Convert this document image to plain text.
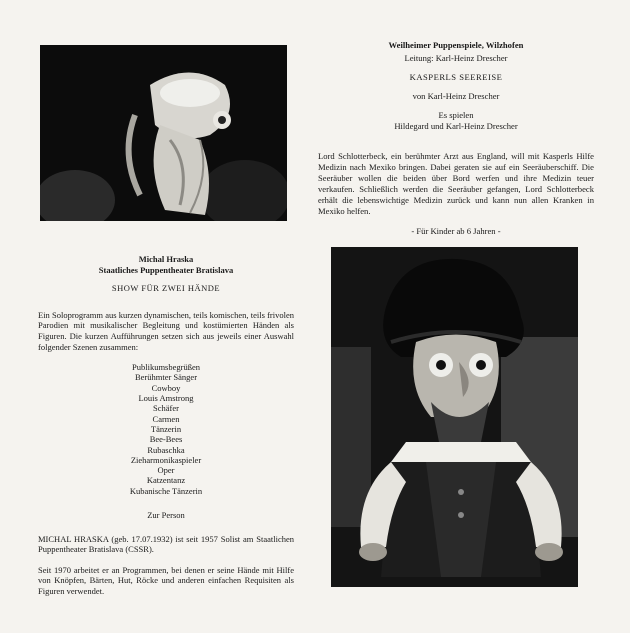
Weilheimer Puppenspiele, Wilzhofen
Leitung: Karl-Heinz Drescher
KASPERLS SEEREISE
von Karl-Heinz Drescher
Es spielen
Hildegard und Karl-Heinz Drescher

Lord Schlotterbeck, ein berühmter Arzt aus England, will mit Kasperls Hilfe Medizin nach Mexiko bringen. Dabei geraten sie auf ein Seeräuberschiff. Die Seeräuber wollen die beiden über Bord werfen und ihre Medizin teuer verkaufen. Schließlich werden die Seeräuber gefangen, Lord Schlotterbeck erhält die lebenswichtige Medizin zurück und kann nun allen Kranken in Mexiko helfen.

- Für Kinder ab 6 Jahren -
Michal Hraska
Staatliches Puppentheater Bratislava
SHOW FÜR ZWEI HÄNDE

Ein Soloprogramm aus kurzen dynamischen, teils komischen, teils frivolen Parodien mit musikalischer Begleitung und kostümierten Händen als Figuren. Die kurzen Aufführungen setzen sich aus jeweils einer Auswahl folgender Szenen zusammen:

Publikumsbegrüßen
Berühmter Sänger
Cowboy
Louis Amstrong
Schäfer
Carmen
Tänzerin
Bee-Bees
Rubaschka
Zieharmonikaspieler
Oper
Katzentanz
Kubanische Tänzerin
Zur Person

MICHAL HRASKA (geb. 17.07.1932) ist seit 1957 Solist am Staatlichen Puppentheater Bratislava (CSSR).

Seit 1970 arbeitet er an Programmen, bei denen er seine Hände mit Hilfe von Knöpfen, Bärten, Hut, Röcke und anderen einfachen Requisiten als Figuren verwendet.
